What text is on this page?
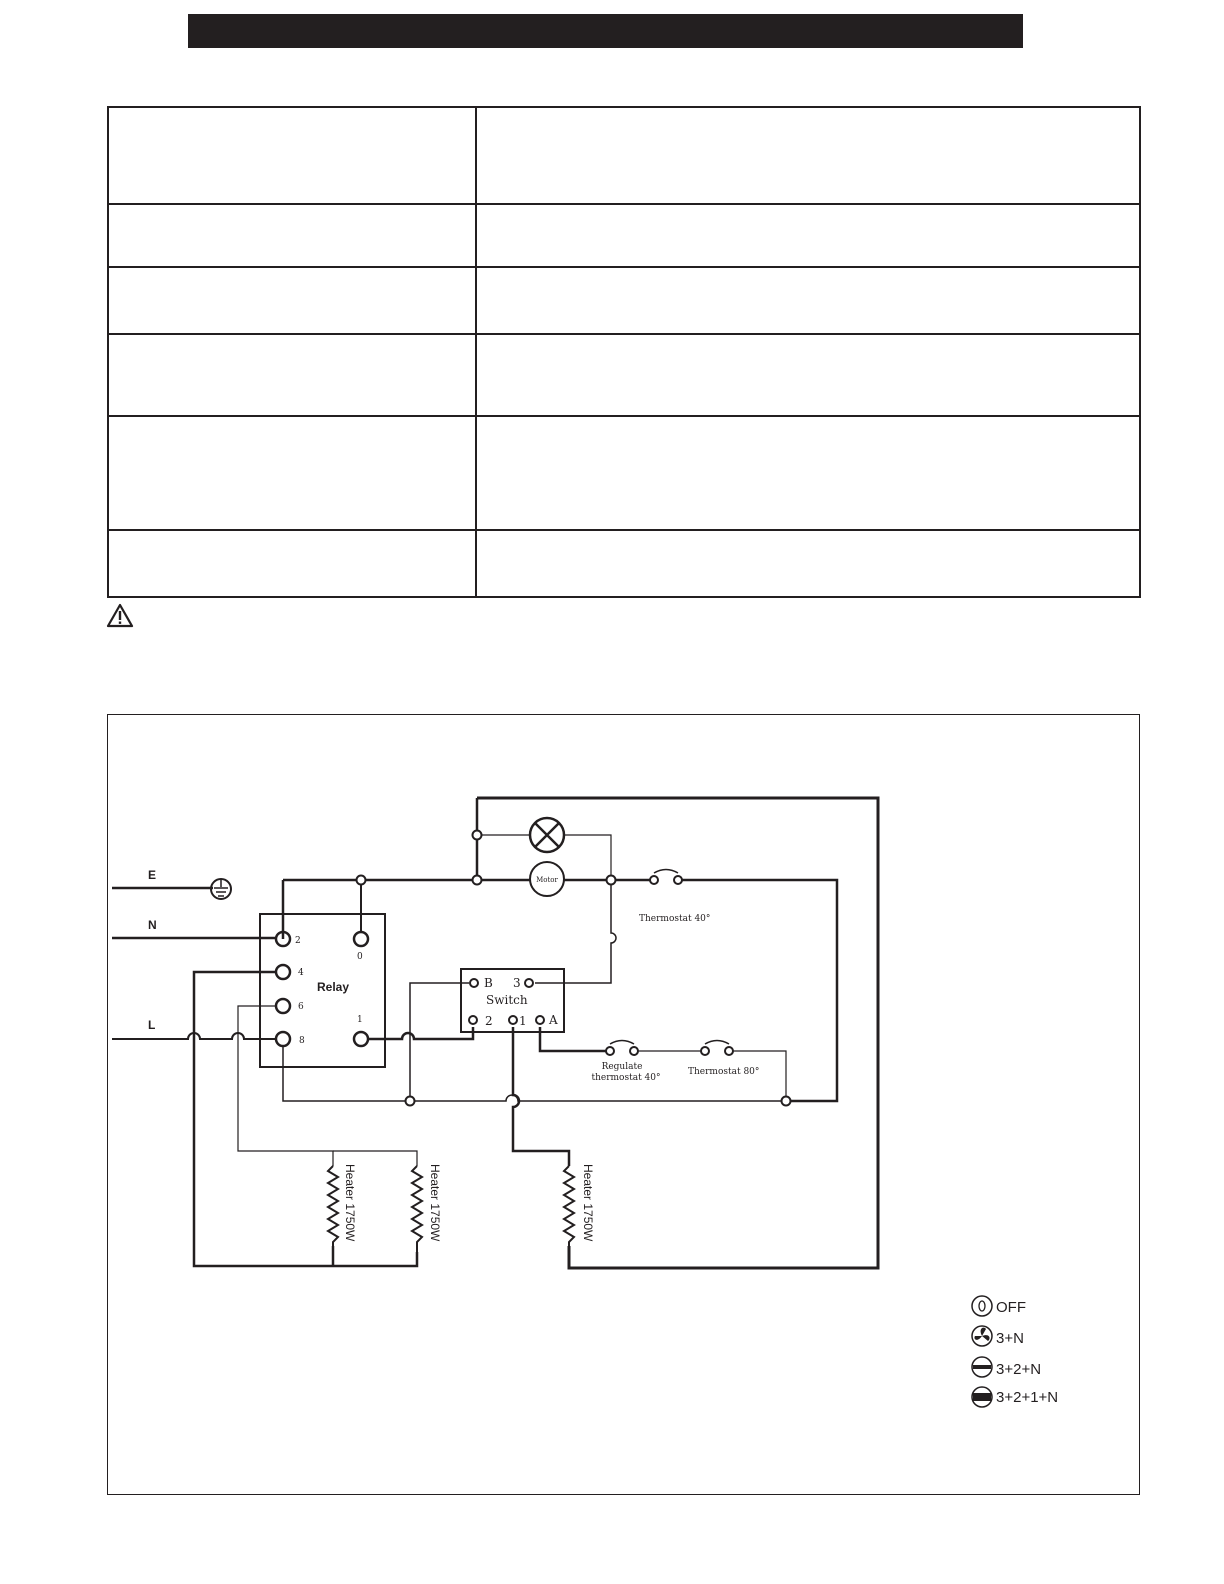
E
N
L
Relay
2
0
4
6
8
1
Switch
B 3
2 1 A
Motor
Thermostat 40°
Regulate
thermostat 40°
Thermostat 80°
Heater 1750W	Heater 1750W	Heater 1750W
OFF
3+N
3+2+N
3+2+1+N
